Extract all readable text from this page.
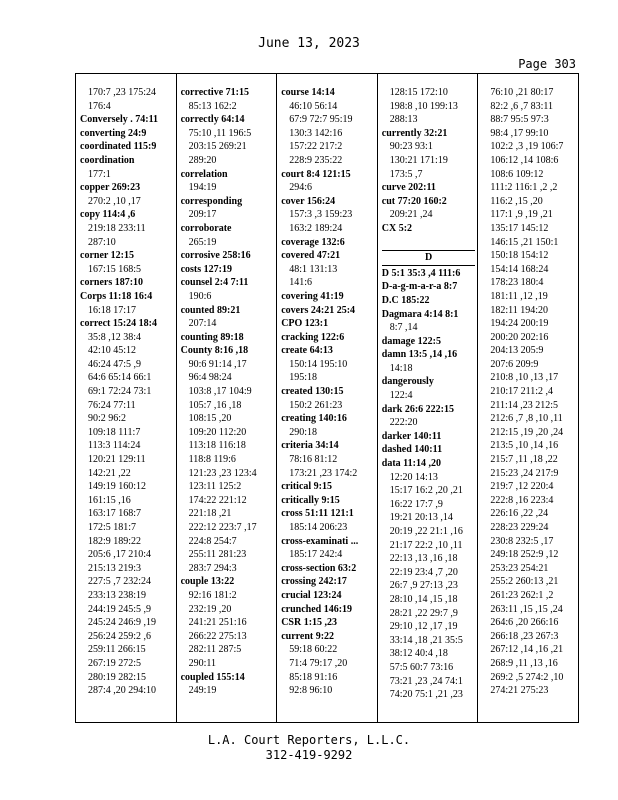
June 13, 2023
Page 303
170:7 ,23 175:24
176:4
Conversely . 74:11
converting 24:9
coordinated 115:9
coordination
177:1
copper 269:23
270:2 ,10 ,17
copy 114:4 ,6
219:18 233:11
287:10
corner 12:15
167:15 168:5
corners 187:10
Corps 11:18 16:4
16:18 17:17
correct 15:24 18:4
35:8 ,12 38:4
42:10 45:12
46:24 47:5 ,9
64:6 65:14 66:1
69:1 72:24 73:1
76:24 77:11
90:2 96:2
109:18 111:7
113:3 114:24
120:21 129:11
142:21 ,22
149:19 160:12
161:15 ,16
163:17 168:7
172:5 181:7
182:9 189:22
205:6 ,17 210:4
215:13 219:3
227:5 ,7 232:24
233:13 238:19
244:19 245:5 ,9
245:24 246:9 ,19
256:24 259:2 ,6
259:11 266:15
267:19 272:5
280:19 282:15
287:4 ,20 294:10
corrective 71:15
85:13 162:2
correctly 64:14
75:10 ,11 196:5
203:15 269:21
289:20
correlation
194:19
corresponding
209:17
corroborate
265:19
corrosive 258:16
costs 127:19
counsel 2:4 7:11
190:6
counted 89:21
207:14
counting 89:18
County 8:16 ,18
90:6 91:14 ,17
96:4 98:24
103:8 ,17 104:9
105:7 ,16 ,18
108:15 ,20
109:20 112:20
113:18 116:18
118:8 119:6
121:23 ,23 123:4
123:11 125:2
174:22 221:12
221:18 ,21
222:12 223:7 ,17
224:8 254:7
255:11 281:23
283:7 294:3
couple 13:22
92:16 181:2
232:19 ,20
241:21 251:16
266:22 275:13
282:11 287:5
290:11
coupled 155:14
249:19
course 14:14
46:10 56:14
67:9 72:7 95:19
130:3 142:16
157:22 217:2
228:9 235:22
court 8:4 121:15
294:6
cover 156:24
157:3 ,3 159:23
163:2 189:24
coverage 132:6
covered 47:21
48:1 131:13
141:6
covering 41:19
covers 24:21 25:4
CPO 123:1
cracking 122:6
create 64:13
150:14 195:10
195:18
created 130:15
150:2 261:23
creating 140:16
290:18
criteria 34:14
78:16 81:12
173:21 ,23 174:2
critical 9:15
critically 9:15
cross 51:11 121:1
185:14 206:23
cross-examinati ...
185:17 242:4
cross-section 63:2
crossing 242:17
crucial 123:24
crunched 146:19
CSR 1:15 ,23
current 9:22
59:18 60:22
71:4 79:17 ,20
85:18 91:16
92:8 96:10
128:15 172:10
198:8 ,10 199:13
288:13
currently 32:21
90:23 93:1
130:21 171:19
173:5 ,7
curve 202:11
cut 77:20 160:2
209:21 ,24
CX 5:2

D
D 5:1 35:3 ,4 111:6
D-a-g-m-a-r-a 8:7
D.C 185:22
Dagmara 4:14 8:1
8:7 ,14
damage 122:5
damn 13:5 ,14 ,16
14:18
dangerously
122:4
dark 26:6 222:15
222:20
darker 140:11
dashed 140:11
data 11:14 ,20
12:20 14:13
15:17 16:2 ,20 ,21
16:22 17:7 ,9
19:21 20:13 ,14
20:19 ,22 21:1 ,16
21:17 22:2 ,10 ,11
22:13 ,13 ,16 ,18
22:19 23:4 ,7 ,20
26:7 ,9 27:13 ,23
28:10 ,14 ,15 ,18
28:21 ,22 29:7 ,9
29:10 ,12 ,17 ,19
33:14 ,18 ,21 35:5
38:12 40:4 ,18
57:5 60:7 73:16
73:21 ,23 ,24 74:1
74:20 75:1 ,21 ,23
76:10 ,21 80:17
82:2 ,6 ,7 83:11
88:7 95:5 97:3
98:4 ,17 99:10
102:2 ,3 ,19 106:7
106:12 ,14 108:6
108:6 109:12
111:2 116:1 ,2 ,2
116:2 ,15 ,20
117:1 ,9 ,19 ,21
135:17 145:12
146:15 ,21 150:1
150:18 154:12
154:14 168:24
178:23 180:4
181:11 ,12 ,19
182:11 194:20
194:24 200:19
200:20 202:16
204:13 205:9
207:6 209:9
210:8 ,10 ,13 ,17
210:17 211:2 ,4
211:14 ,23 212:5
212:6 ,7 ,8 ,10 ,11
212:15 ,19 ,20 ,24
213:5 ,10 ,14 ,16
215:7 ,11 ,18 ,22
215:23 ,24 217:9
219:7 ,12 220:4
222:8 ,16 223:4
226:16 ,22 ,24
228:23 229:24
230:8 232:5 ,17
249:18 252:9 ,12
253:23 254:21
255:2 260:13 ,21
261:23 262:1 ,2
263:11 ,15 ,15 ,24
264:6 ,20 266:16
266:18 ,23 267:3
267:12 ,14 ,16 ,21
268:9 ,11 ,13 ,16
269:2 ,5 274:2 ,10
274:21 275:23
L.A. Court Reporters, L.L.C.
312-419-9292
